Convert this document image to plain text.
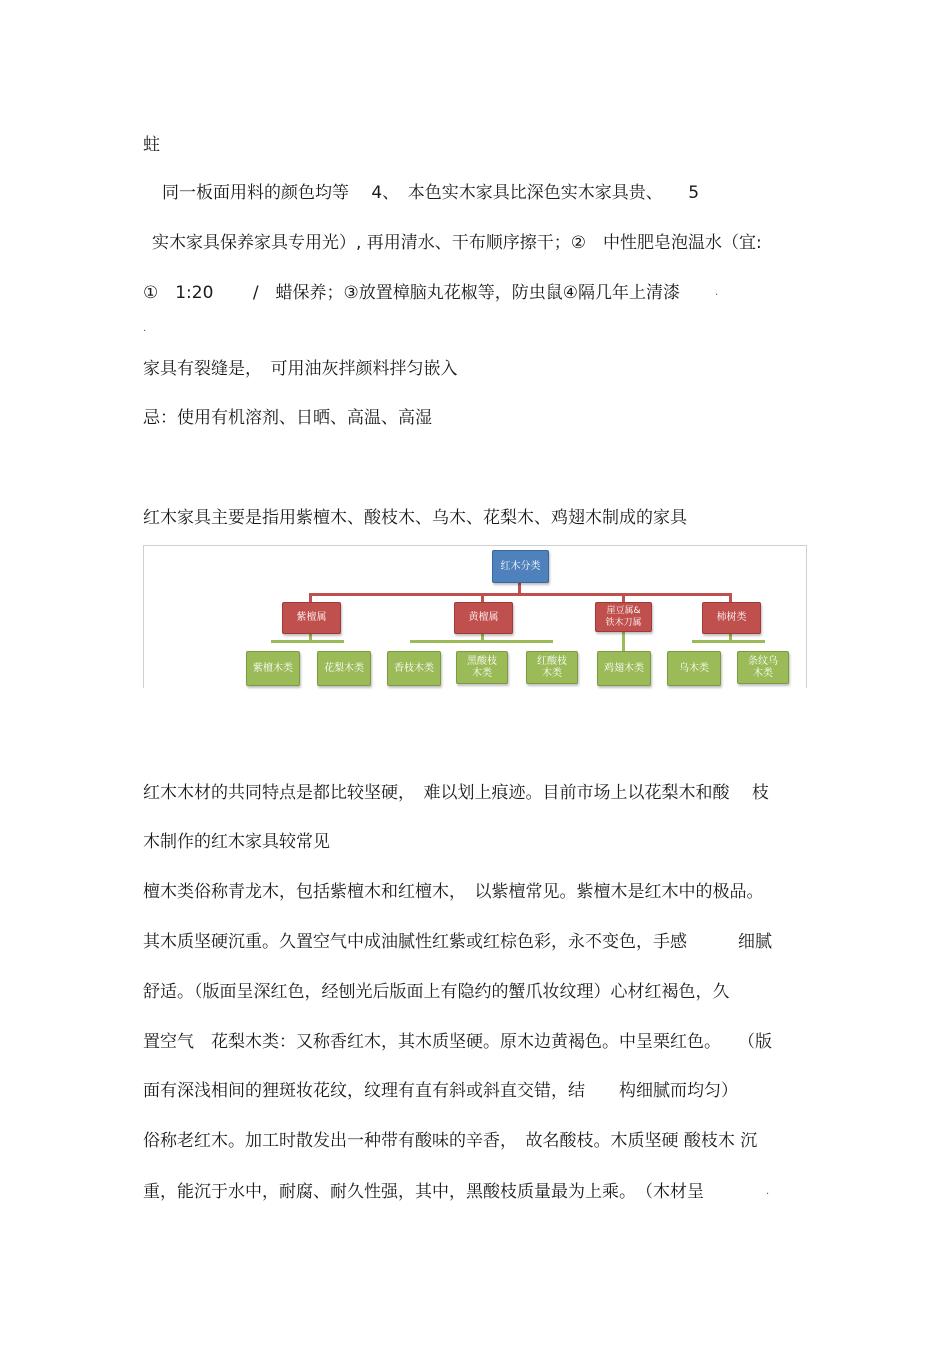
蛀
同一板面用料的颜色均等　 4、　本色实木家具比深色实木家具贵、　　5
实木家具保养家具专用光）, 再用清水、干布顺序擦干；②　中性肥皂泡温水（宜:
①　1:20　　 /　蜡保养；③放置樟脑丸花椒等，防虫鼠④隔几年上清漆	.
.
家具有裂缝是，　可用油灰拌颜料拌匀嵌入
忌：使用有机溶剂、日晒、高温、高湿
红木家具主要是指用紫檀木、酸枝木、乌木、花梨木、鸡翅木制成的家具
红木分类
紫檀属	黄檀属
崖豆属&铁木刀属	柿树类
紫檀木类	花梨木类	香枝木类
黑酸枝木类
红酸枝木类	鸡翅木类	乌木类
条纹乌木类
红木木材的共同特点是都比较坚硬，　难以划上痕迹。目前市场上以花梨木和酸　 枝
木制作的红木家具较常见
檀木类俗称青龙木，包括紫檀木和红檀木，　以紫檀常见。紫檀木是红木中的极品。
其木质坚硬沉重。久置空气中成油腻性红紫或红棕色彩，永不变色，手感　　　细腻
舒适。（版面呈深红色，经刨光后版面上有隐约的蟹爪妆纹理）心材红褐色，久
置空气　花梨木类：又称香红木，其木质坚硬。原木边黄褐色。中呈栗红色。　　（版
面有深浅相间的狸斑妆花纹，纹理有直有斜或斜直交错，结　　构细腻而均匀）
俗称老红木。加工时散发出一种带有酸味的辛香，　故名酸枝。木质坚硬 酸枝木 沉
重，能沉于水中，耐腐、耐久性强，其中，黑酸枝质量最为上乘。　（木材呈	.
